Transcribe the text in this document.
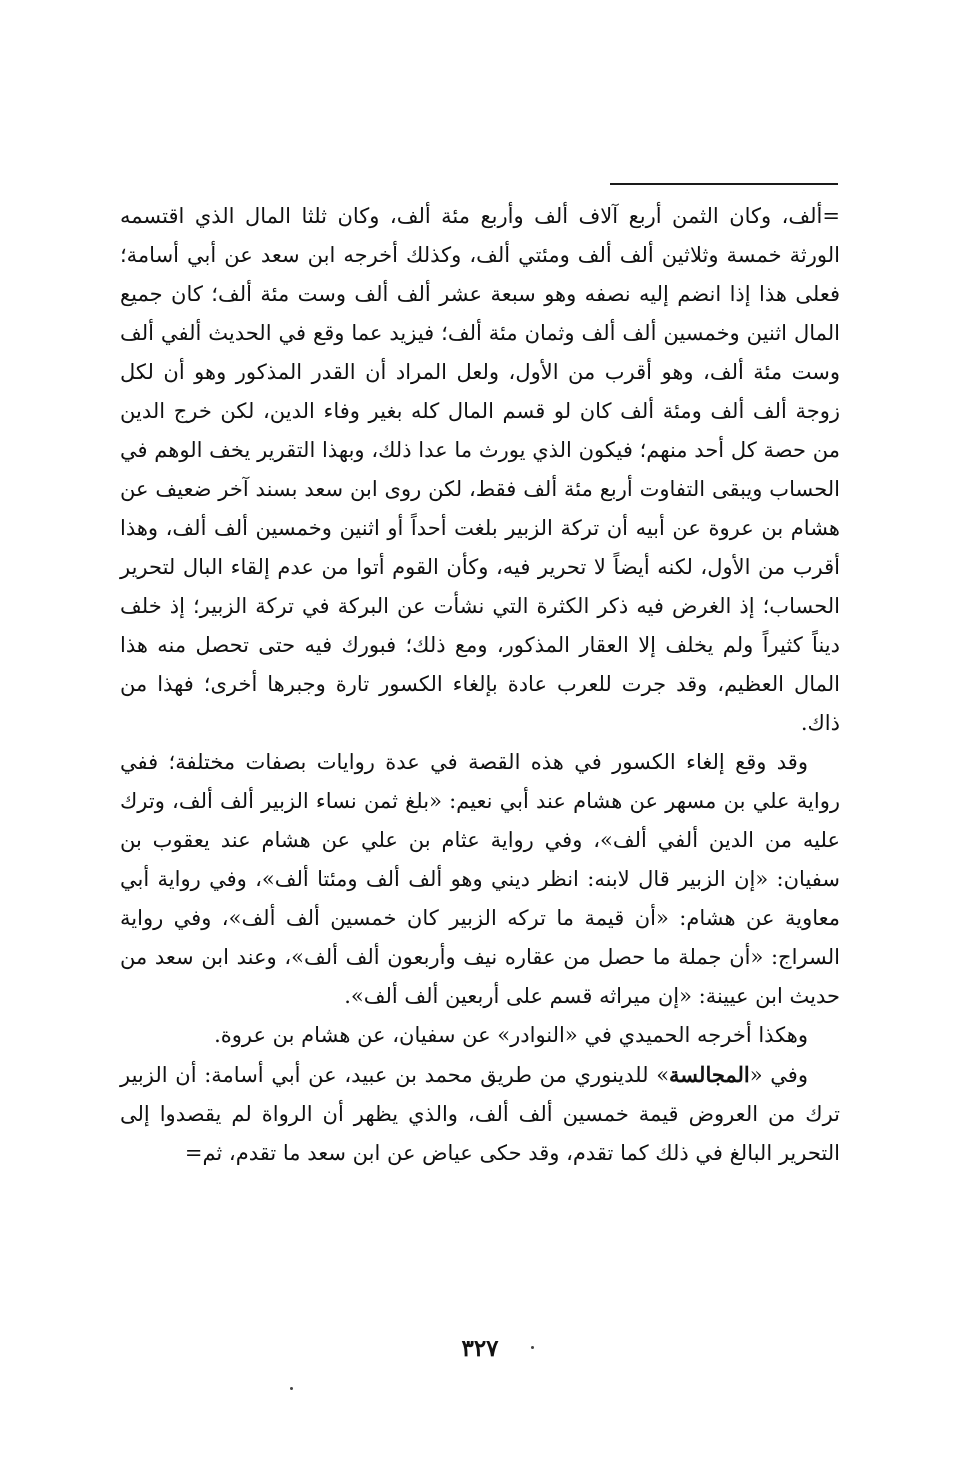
=ألف، وكان الثمن أربع آلاف ألف وأربع مئة ألف، وكان ثلثا المال الذي اقتسمه الورثة خمسة وثلاثين ألف ألف ومئتي ألف، وكذلك أخرجه ابن سعد عن أبي أسامة؛ فعلى هذا إذا انضم إليه نصفه وهو سبعة عشر ألف ألف وست مئة ألف؛ كان جميع المال اثنين وخمسين ألف ألف وثمان مئة ألف؛ فيزيد عما وقع في الحديث ألفي ألف وست مئة ألف، وهو أقرب من الأول، ولعل المراد أن القدر المذكور وهو أن لكل زوجة ألف ألف ومئة ألف كان لو قسم المال كله بغير وفاء الدين، لكن خرج الدين من حصة كل أحد منهم؛ فيكون الذي يورث ما عدا ذلك، وبهذا التقرير يخف الوهم في الحساب ويبقى التفاوت أربع مئة ألف فقط، لكن روى ابن سعد بسند آخر ضعيف عن هشام بن عروة عن أبيه أن تركة الزبير بلغت أحداً أو اثنين وخمسين ألف ألف، وهذا أقرب من الأول، لكنه أيضاً لا تحرير فيه، وكأن القوم أتوا من عدم إلقاء البال لتحرير الحساب؛ إذ الغرض فيه ذكر الكثرة التي نشأت عن البركة في تركة الزبير؛ إذ خلف ديناً كثيراً ولم يخلف إلا العقار المذكور، ومع ذلك؛ فبورك فيه حتى تحصل منه هذا المال العظيم، وقد جرت للعرب عادة بإلغاء الكسور تارة وجبرها أخرى؛ فهذا من ذاك.

وقد وقع إلغاء الكسور في هذه القصة في عدة روايات بصفات مختلفة؛ ففي رواية علي بن مسهر عن هشام عند أبي نعيم: «بلغ ثمن نساء الزبير ألف ألف، وترك عليه من الدين ألفي ألف»، وفي رواية عثام بن علي عن هشام عند يعقوب بن سفيان: «إن الزبير قال لابنه: انظر ديني وهو ألف ألف ومئتا ألف»، وفي رواية أبي معاوية عن هشام: «أن قيمة ما تركه الزبير كان خمسين ألف ألف»، وفي رواية السراج: «أن جملة ما حصل من عقاره نيف وأربعون ألف ألف»، وعند ابن سعد من حديث ابن عيينة: «إن ميراثه قسم على أربعين ألف ألف».

وهكذا أخرجه الحميدي في «النوادر» عن سفيان، عن هشام بن عروة.

وفي «المجالسة» للدينوري من طريق محمد بن عبيد، عن أبي أسامة: أن الزبير ترك من العروض قيمة خمسين ألف ألف، والذي يظهر أن الرواة لم يقصدوا إلى التحرير البالغ في ذلك كما تقدم، وقد حكى عياض عن ابن سعد ما تقدم، ثم=

٣٢٧
